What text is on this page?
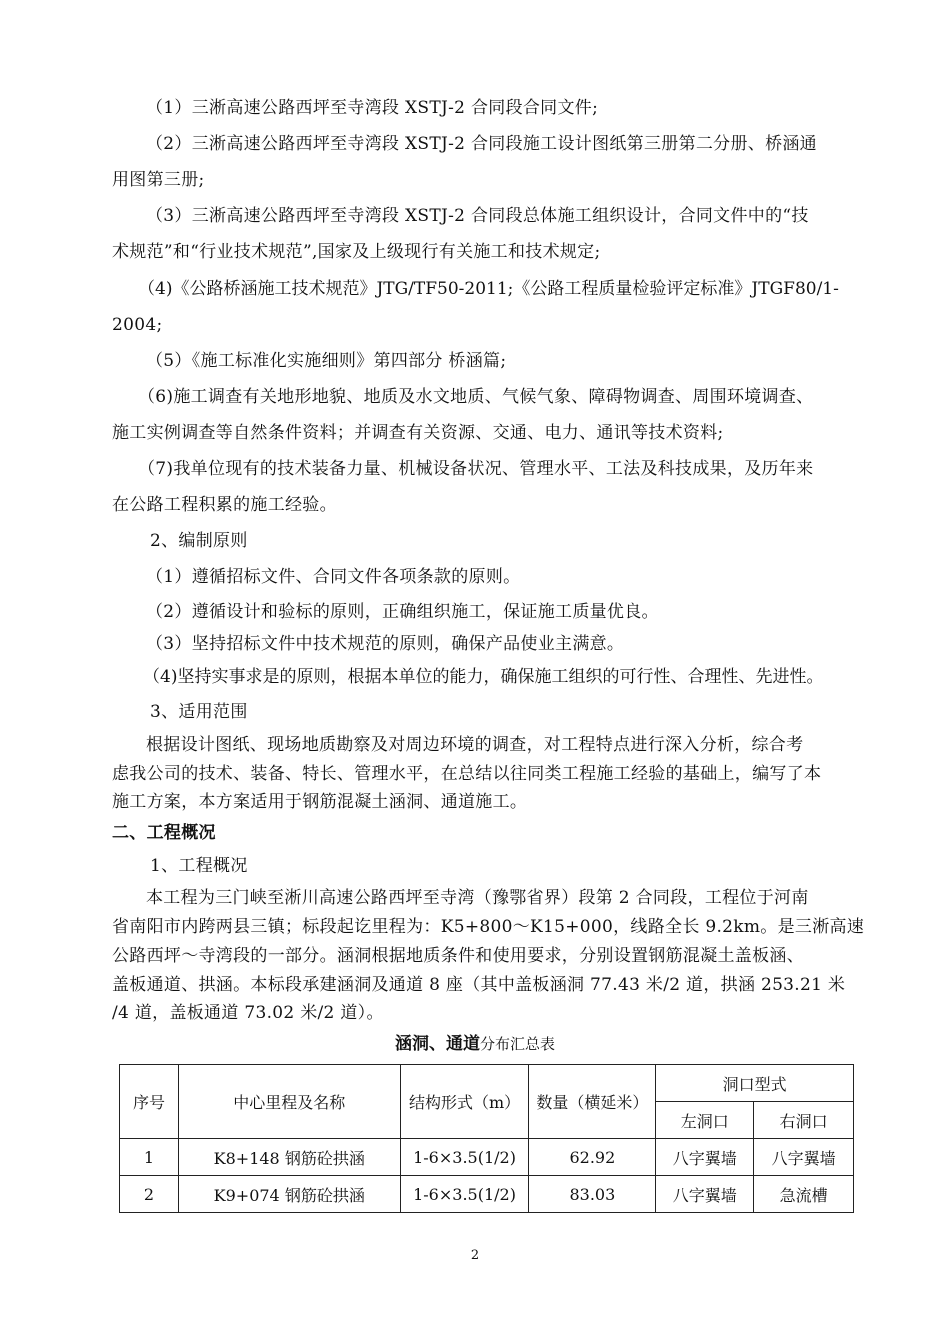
（1）三淅高速公路西坪至寺湾段 XSTJ-2 合同段合同文件;
（2）三淅高速公路西坪至寺湾段 XSTJ-2 合同段施工设计图纸第三册第二分册、桥涵通
用图第三册;
（3）三淅高速公路西坪至寺湾段 XSTJ-2 合同段总体施工组织设计，合同文件中的“技
术规范”和“行业技术规范”,国家及上级现行有关施工和技术规定;
（4)《公路桥涵施工技术规范》JTG/TF50-2011;《公路工程质量检验评定标准》JTGF80/1-
2004;
（5）《施工标准化实施细则》第四部分 桥涵篇;
（6)施工调查有关地形地貌、地质及水文地质、气候气象、障碍物调查、周围环境调查、
施工实例调查等自然条件资料；并调查有关资源、交通、电力、通讯等技术资料;
（7)我单位现有的技术装备力量、机械设备状况、管理水平、工法及科技成果，及历年来
在公路工程积累的施工经验。
2、编制原则
（1）遵循招标文件、合同文件各项条款的原则。
（2）遵循设计和验标的原则，正确组织施工，保证施工质量优良。
（3）坚持招标文件中技术规范的原则，确保产品使业主满意。
（4)坚持实事求是的原则，根据本单位的能力，确保施工组织的可行性、合理性、先进性。
3、适用范围
根据设计图纸、现场地质勘察及对周边环境的调查，对工程特点进行深入分析，综合考
虑我公司的技术、装备、特长、管理水平，在总结以往同类工程施工经验的基础上，编写了本
施工方案，本方案适用于钢筋混凝土涵洞、通道施工。
二、工程概况
1、工程概况
本工程为三门峡至淅川高速公路西坪至寺湾（豫鄂省界）段第 2 合同段，工程位于河南
省南阳市内跨两县三镇；标段起讫里程为：K5+800～K15+000，线路全长 9.2km。是三淅高速
公路西坪～寺湾段的一部分。涵洞根据地质条件和使用要求，分别设置钢筋混凝土盖板涵、
盖板通道、拱涵。本标段承建涵洞及通道 8 座（其中盖板涵洞 77.43 米/2 道，拱涵 253.21 米
/4 道，盖板通道 73.02 米/2 道）。
涵洞、通道分布汇总表
序号	中心里程及名称	结构形式（m）	数量（横延米）	洞口型式	
				左洞口	右洞口
1	K8+148 钢筋砼拱涵	1-6×3.5(1/2)	62.92	八字翼墙	八字翼墙
2	K9+074 钢筋砼拱涵	1-6×3.5(1/2)	83.03	八字翼墙	急流槽
2
